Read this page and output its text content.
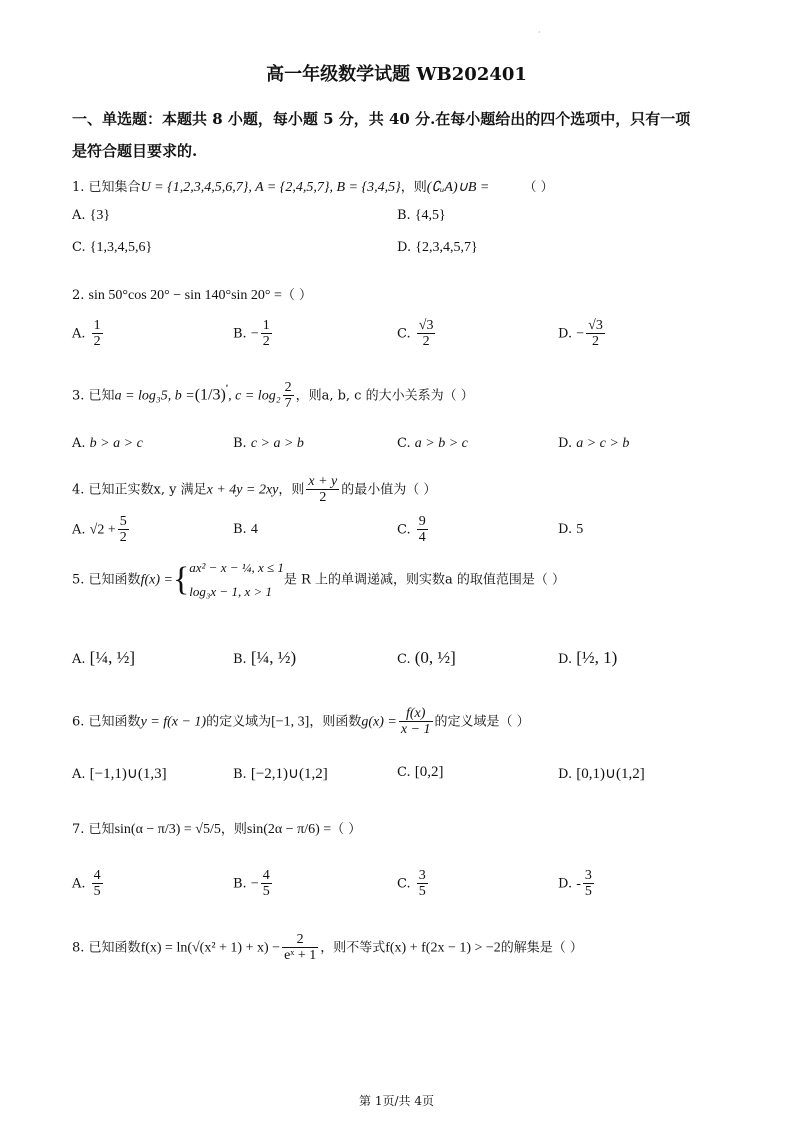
·
高一年级数学试题 WB202401
一、单选题：本题共 8 小题，每小题 5 分，共 40 分.在每小题给出的四个选项中，只有一项
是符合题目要求的.
1. 已知集合U = {1,2,3,4,5,6,7}, A = {2,4,5,7}, B = {3,4,5}，则(∁ᵤA)∪B =	（ ）
A. {3}	B. {4,5}
C. {1,3,4,5,6}	D. {2,3,4,5,7}
2. sin 50°cos 20° − sin 140°sin 20° =（ ）
A. $\frac{1}{2}$	B. − $\frac{1}{2}$	C. $\frac{√3}{2}$	D. − $\frac{√3}{2}$
3. 已知a = log₃5, $b =(1/3)^ᵉ$, $c = \log_2 \frac{2}{7}$ ，则a, b, c 的大小关系为（ ）
A. b > a > c	B. c > a > b	C. a > b > c	D. a > c > b
4. 已知正实数x, y 满足x + 4y = 2xy，则 $\frac{x + y}{2}$ 的最小值为（ ）
A. $√2 + \frac{5}{2}$	B. 4	C. $\frac{9}{4}$	D. 5
5. 已知函数f(x) ={ ax² − x − ¼, x ≤ 1
log₃x − 1, x > 1
是 R 上的单调递减，则实数a 的取值范围是（ ）
A. [¼, ½]	B. [¼, ½)	C. (0, ½]	D. [½, 1)
6. 已知函数y = f(x − 1)的定义域为[−1, 3]，则函数$g(x) = \frac{f(x)}{x - 1}$ 的定义域是（ ）
A. [−1,1)∪(1,3]	B. [−2,1)∪(1,2]	C. [0,2]	D. [0,1)∪(1,2]
7. 已知sin(α − π/3) = √5/5，则sin(2α − π/6) =（ ）
A. $\frac{4}{5}$	B. − $\frac{4}{5}$	C. $\frac{3}{5}$	D. - $\frac{3}{5}$
8. 已知函数$f(x) = \ln(√(x^2 + 1) + x) - \frac{2}{\text{eˣ + 1}}$ ，则不等式f(x) + f(2x − 1) > −2的解集是（ ）
第 1页/共 4页
